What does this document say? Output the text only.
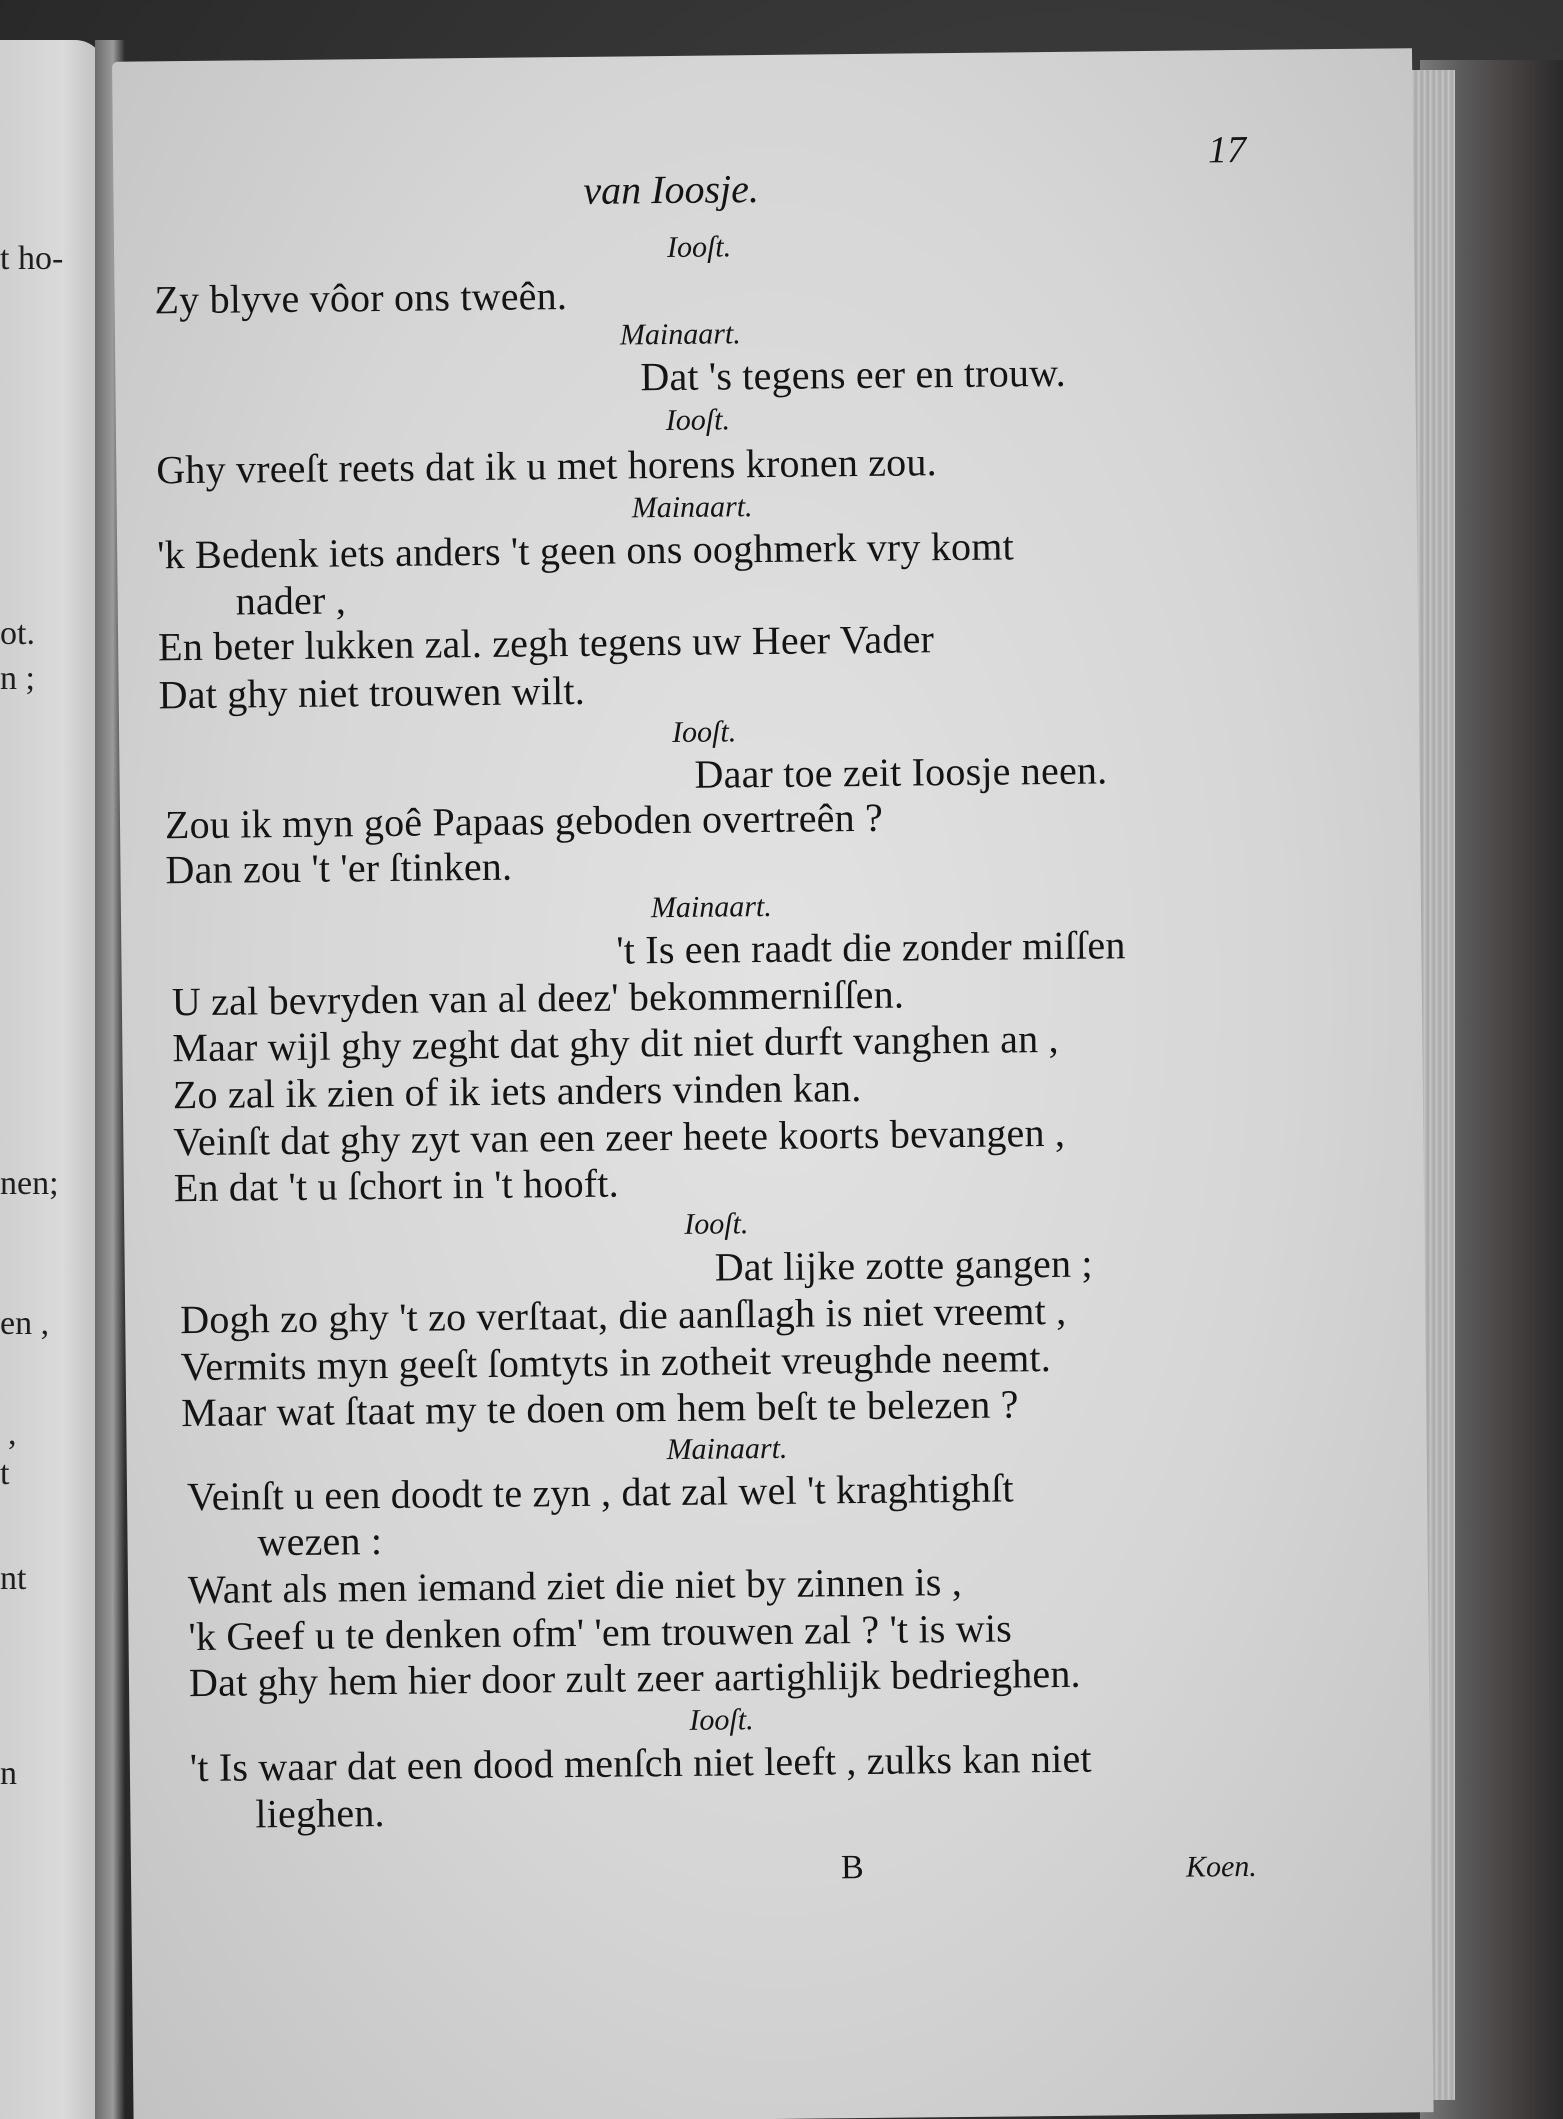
t ho-
ot.
n ;
nen;
en ,
,
t
nt
n
17
van Ioosje.
Iooſt.
Zy blyve vôor ons tweên.
Mainaart.
Dat 's tegens eer en trouw.
Iooſt.
Ghy vreeſt reets dat ik u met horens kronen zou.
Mainaart.
'k Bedenk iets anders 't geen ons ooghmerk vry komt
nader ,
En beter lukken zal. zegh tegens uw Heer Vader
Dat ghy niet trouwen wilt.
Iooſt.
Daar toe zeit Ioosje neen.
Zou ik myn goê Papaas geboden overtreên ?
Dan zou 't 'er ſtinken.
Mainaart.
't Is een raadt die zonder miſſen
U zal bevryden van al deez' bekommerniſſen.
Maar wijl ghy zeght dat ghy dit niet durft vanghen an ,
Zo zal ik zien of ik iets anders vinden kan.
Veinſt dat ghy zyt van een zeer heete koorts bevangen ,
En dat 't u ſchort in 't hooft.
Iooſt.
Dat lijke zotte gangen ;
Dogh zo ghy 't zo verſtaat, die aanſlagh is niet vreemt ,
Vermits myn geeſt ſomtyts in zotheit vreughde neemt.
Maar wat ſtaat my te doen om hem beſt te belezen ?
Mainaart.
Veinſt u een doodt te zyn , dat zal wel 't kraghtighſt
wezen :
Want als men iemand ziet die niet by zinnen is ,
'k Geef u te denken ofm' 'em trouwen zal ? 't is wis
Dat ghy hem hier door zult zeer aartighlijk bedrieghen.
Iooſt.
't Is waar dat een dood menſch niet leeft , zulks kan niet
lieghen.
B	Koen.
